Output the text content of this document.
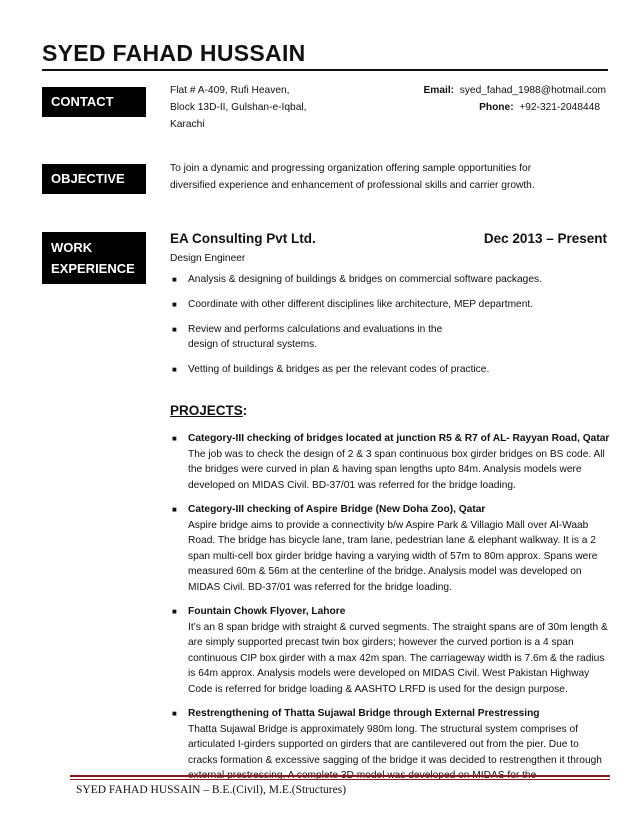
SYED FAHAD HUSSAIN
CONTACT
Flat # A-409, Rufi Heaven,
Block 13D-II, Gulshan-e-Iqbal,
Karachi
Email: syed_fahad_1988@hotmail.com
Phone: +92-321-2048448
OBJECTIVE
To join a dynamic and progressing organization offering sample opportunities for
diversified experience and enhancement of professional skills and carrier growth.
WORK
EXPERIENCE
EA Consulting Pvt Ltd.	Dec 2013 – Present
Design Engineer
■ Analysis & designing of buildings & bridges on commercial software packages.
■ Coordinate with other different disciplines like architecture, MEP department.
■ Review and performs calculations and evaluations in the design of structural systems.
■ Vetting of buildings & bridges as per the relevant codes of practice.
PROJECTS:
■ Category-III checking of bridges located at junction R5 & R7 of AL- Rayyan Road, Qatar
The job was to check the design of 2 & 3 span continuous box girder bridges on BS code. All the bridges were curved in plan & having span lengths upto 84m. Analysis models were developed on MIDAS Civil. BD-37/01 was referred for the bridge loading.
■ Category-III checking of Aspire Bridge (New Doha Zoo), Qatar
Aspire bridge aims to provide a connectivity b/w Aspire Park & Villagio Mall over Al-Waab Road. The bridge has bicycle lane, tram lane, pedestrian lane & elephant walkway. It is a 2 span multi-cell box girder bridge having a varying width of 57m to 80m approx. Spans were measured 60m & 56m at the centerline of the bridge. Analysis model was developed on MIDAS Civil. BD-37/01 was referred for the bridge loading.
■ Fountain Chowk Flyover, Lahore
It’s an 8 span bridge with straight & curved segments. The straight spans are of 30m length & are simply supported precast twin box girders; however the curved portion is a 4 span continuous CIP box girder with a max 42m span. The carriageway width is 7.6m & the radius is 64m approx. Analysis models were developed on MIDAS Civil. West Pakistan Highway Code is referred for bridge loading & AASHTO LRFD is used for the design purpose.
■ Restrengthening of Thatta Sujawal Bridge through External Prestressing
Thatta Sujawal Bridge is approximately 980m long. The structural system comprises of articulated I-girders supported on girders that are cantilevered out from the pier. Due to cracks formation & excessive sagging of the bridge it was decided to restrengthen it through
SYED FAHAD HUSSAIN – B.E.(Civil), M.E.(Structures)
